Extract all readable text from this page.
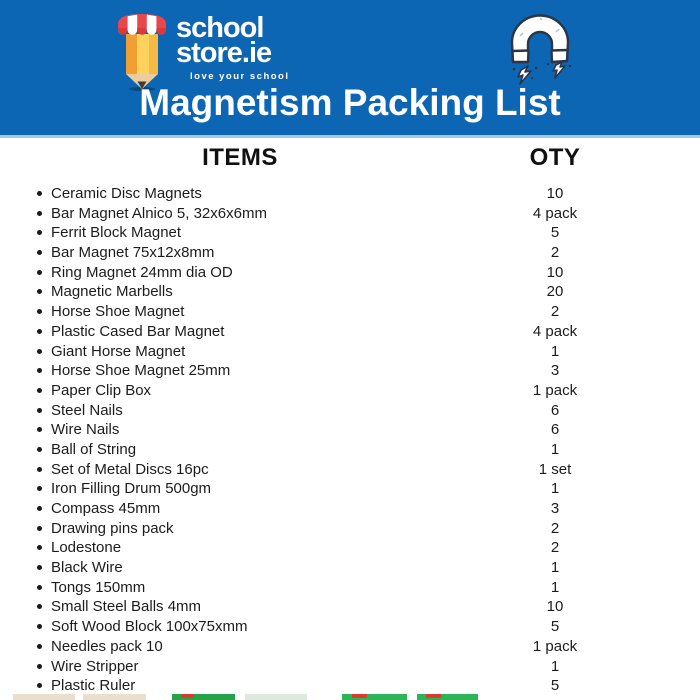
school
store.ie
love your school
Magnetism Packing List
ITEMS	OTY
Ceramic Disc Magnets	10
Bar Magnet Alnico 5, 32x6x6mm	4 pack
Ferrit Block Magnet	5
Bar Magnet 75x12x8mm	2
Ring Magnet 24mm dia OD	10
Magnetic Marbells	20
Horse Shoe Magnet	2
Plastic Cased Bar Magnet	4 pack
Giant Horse Magnet	1
Horse Shoe Magnet 25mm	3
Paper Clip Box	1 pack
Steel Nails	6
Wire Nails	6
Ball of String	1
Set of Metal Discs 16pc	1 set
Iron Filling Drum 500gm	1
Compass 45mm	3
Drawing pins pack	2
Lodestone	2
Black Wire	1
Tongs 150mm	1
Small Steel Balls 4mm	10
Soft Wood Block 100x75xmm	5
Needles pack 10	1 pack
Wire Stripper	1
Plastic Ruler	5
